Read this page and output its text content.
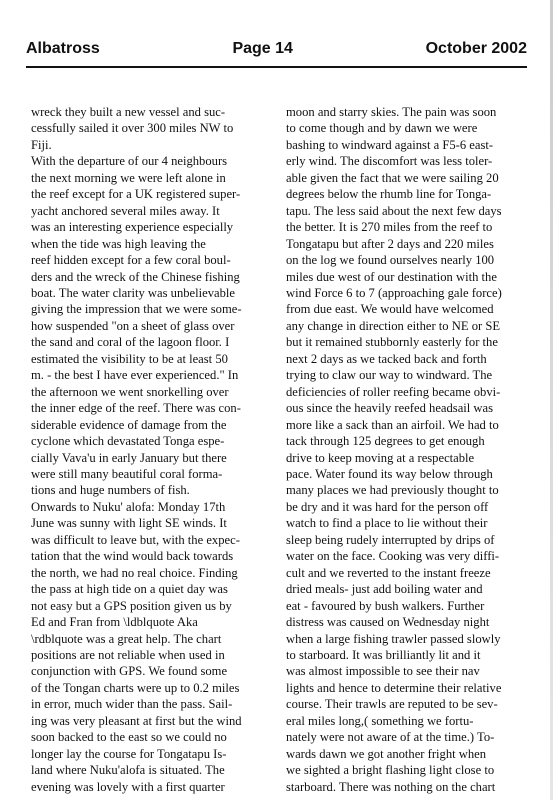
Albatross	Page 14	October 2002
wreck they built a new vessel and suc-
cessfully sailed it over 300 miles NW to
Fiji.
With the departure of our 4 neighbours
the next morning we were left alone in
the reef except for a UK registered super-
yacht anchored several miles away. It
was an interesting experience especially
when the tide was high leaving the
reef hidden except for a few coral boul-
ders and the wreck of the Chinese fishing
boat. The water clarity was unbelievable
giving the impression that we were some-
how suspended "on a sheet of glass over
the sand and coral of the lagoon floor. I
estimated the visibility to be at least 50
m. - the best I have ever experienced." In
the afternoon we went snorkelling over
the inner edge of the reef. There was con-
siderable evidence of damage from the
cyclone which devastated Tonga espe-
cially Vava'u in early January but there
were still many beautiful coral forma-
tions and huge numbers of fish.
Onwards to Nuku' alofa: Monday 17th
June was sunny with light SE winds. It
was difficult to leave but, with the expec-
tation that the wind would back towards
the north, we had no real choice. Finding
the pass at high tide on a quiet day was
not easy but a GPS position given us by
Ed and Fran from \ldblquote Aka
\rdblquote was a great help. The chart
positions are not reliable when used in
conjunction with GPS. We found some
of the Tongan charts were up to 0.2 miles
in error, much wider than the pass. Sail-
ing was very pleasant at first but the wind
soon backed to the east so we could no
longer lay the course for Tongatapu Is-
land where Nuku'alofa is situated. The
evening was lovely with a first quarter
moon and starry skies. The pain was soon
to come though and by dawn we were
bashing to windward against a F5-6 east-
erly wind. The discomfort was less toler-
able given the fact that we were sailing 20
degrees below the rhumb line for Tonga-
tapu. The less said about the next few days
the better. It is 270 miles from the reef to
Tongatapu but after 2 days and 220 miles
on the log we found ourselves nearly 100
miles due west of our destination with the
wind Force 6 to 7 (approaching gale force)
from due east. We would have welcomed
any change in direction either to NE or SE
but it remained stubbornly easterly for the
next 2 days as we tacked back and forth
trying to claw our way to windward. The
deficiencies of roller reefing became obvi-
ous since the heavily reefed headsail was
more like a sack than an airfoil. We had to
tack through 125 degrees to get enough
drive to keep moving at a respectable
pace. Water found its way below through
many places we had previously thought to
be dry and it was hard for the person off
watch to find a place to lie without their
sleep being rudely interrupted by drips of
water on the face. Cooking was very diffi-
cult and we reverted to the instant freeze
dried meals- just add boiling water and
eat - favoured by bush walkers. Further
distress was caused on Wednesday night
when a large fishing trawler passed slowly
to starboard. It was brilliantly lit and it
was almost impossible to see their nav
lights and hence to determine their relative
course. Their trawls are reputed to be sev-
eral miles long,( something we fortu-
nately were not aware of at the time.) To-
wards dawn we got another fright when
we sighted a bright flashing light close to
starboard. There was nothing on the chart
